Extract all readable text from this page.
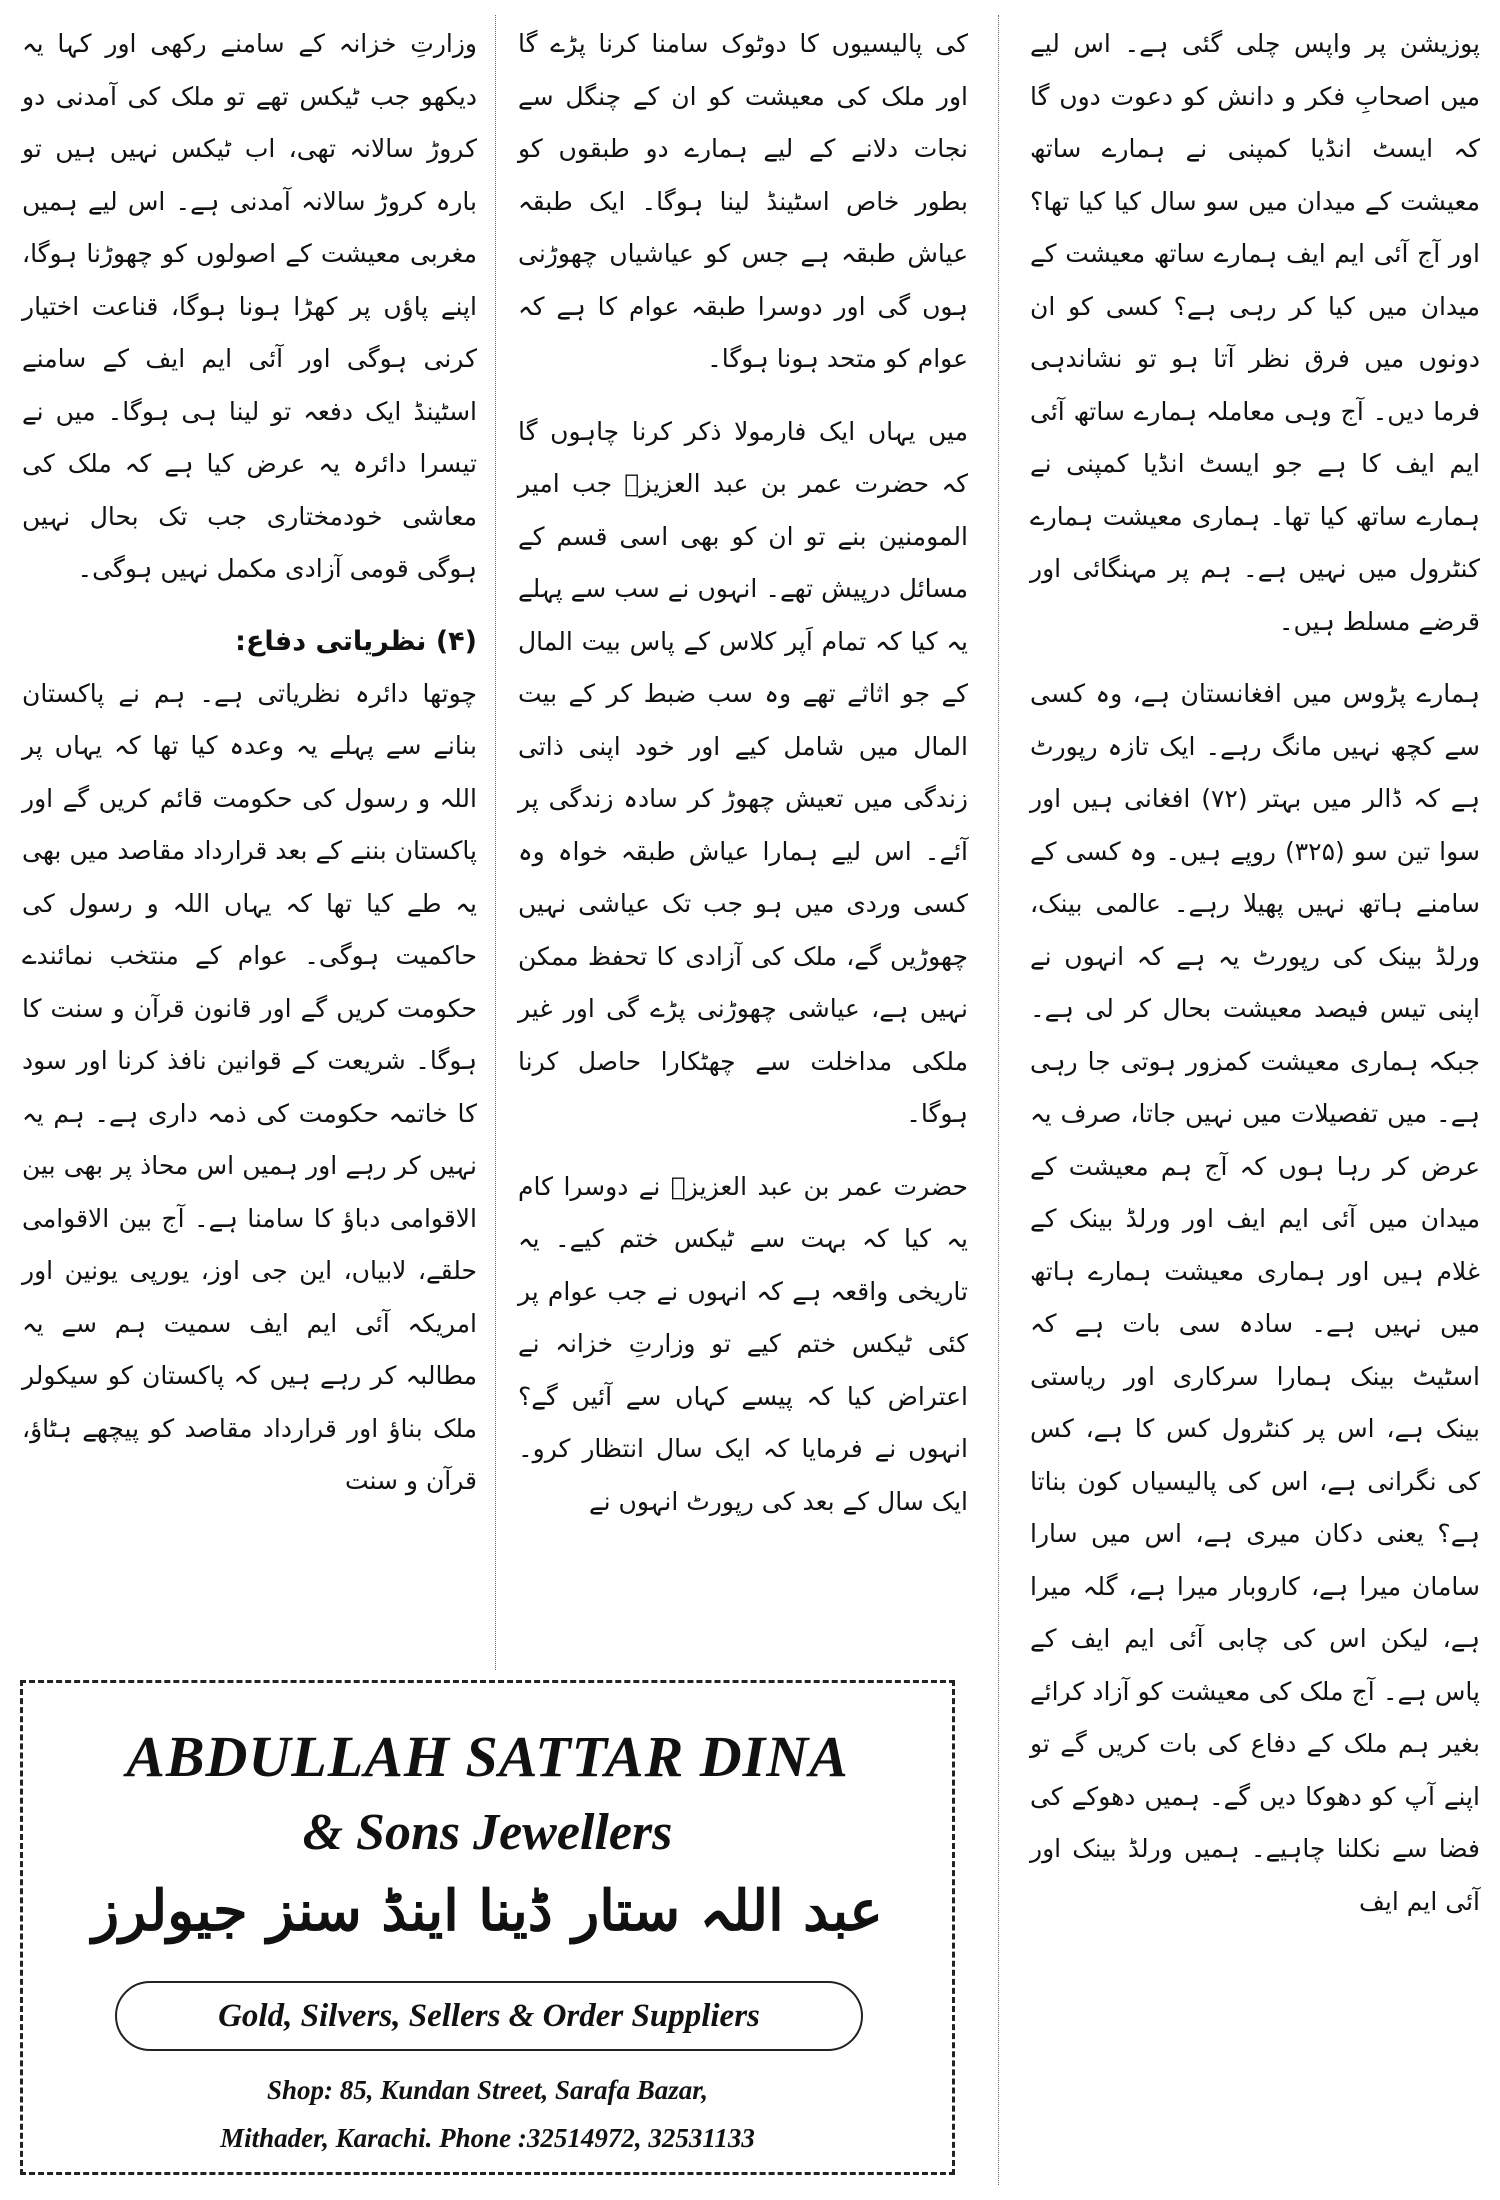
پوزیشن پر واپس چلی گئی ہے۔ اس لیے میں اصحابِ فکر و دانش کو دعوت دوں گا کہ ایسٹ انڈیا کمپنی نے ہمارے ساتھ معیشت کے میدان میں سو سال کیا کیا تھا؟ اور آج آئی ایم ایف ہمارے ساتھ معیشت کے میدان میں کیا کر رہی ہے؟ کسی کو ان دونوں میں فرق نظر آتا ہو تو نشاندہی فرما دیں۔ آج وہی معاملہ ہمارے ساتھ آئی ایم ایف کا ہے جو ایسٹ انڈیا کمپنی نے ہمارے ساتھ کیا تھا۔ ہماری معیشت ہمارے کنٹرول میں نہیں ہے۔ ہم پر مہنگائی اور قرضے مسلط ہیں۔

ہمارے پڑوس میں افغانستان ہے، وہ کسی سے کچھ نہیں مانگ رہے۔ ایک تازہ رپورٹ ہے کہ ڈالر میں بہتر (۷۲) افغانی ہیں اور سوا تین سو (۳۲۵) روپے ہیں۔ وہ کسی کے سامنے ہاتھ نہیں پھیلا رہے۔ عالمی بینک، ورلڈ بینک کی رپورٹ یہ ہے کہ انہوں نے اپنی تیس فیصد معیشت بحال کر لی ہے۔ جبکہ ہماری معیشت کمزور ہوتی جا رہی ہے۔ میں تفصیلات میں نہیں جاتا، صرف یہ عرض کر رہا ہوں کہ آج ہم معیشت کے میدان میں آئی ایم ایف اور ورلڈ بینک کے غلام ہیں اور ہماری معیشت ہمارے ہاتھ میں نہیں ہے۔ سادہ سی بات ہے کہ اسٹیٹ بینک ہمارا سرکاری اور ریاستی بینک ہے، اس پر کنٹرول کس کا ہے، کس کی نگرانی ہے، اس کی پالیسیاں کون بناتا ہے؟ یعنی دکان میری ہے، اس میں سارا سامان میرا ہے، کاروبار میرا ہے، گلہ میرا ہے، لیکن اس کی چابی آئی ایم ایف کے پاس ہے۔ آج ملک کی معیشت کو آزاد کرائے بغیر ہم ملک کے دفاع کی بات کریں گے تو اپنے آپ کو دھوکا دیں گے۔ ہمیں دھوکے کی فضا سے نکلنا چاہیے۔ ہمیں ورلڈ بینک اور آئی ایم ایف

کی پالیسیوں کا دوٹوک سامنا کرنا پڑے گا اور ملک کی معیشت کو ان کے چنگل سے نجات دلانے کے لیے ہمارے دو طبقوں کو بطور خاص اسٹینڈ لینا ہوگا۔ ایک طبقہ عیاش طبقہ ہے جس کو عیاشیاں چھوڑنی ہوں گی اور دوسرا طبقہ عوام کا ہے کہ عوام کو متحد ہونا ہوگا۔

میں یہاں ایک فارمولا ذکر کرنا چاہوں گا کہ حضرت عمر بن عبد العزیزؒ جب امیر المومنین بنے تو ان کو بھی اسی قسم کے مسائل درپیش تھے۔ انہوں نے سب سے پہلے یہ کیا کہ تمام اَپر کلاس کے پاس بیت المال کے جو اثاثے تھے وہ سب ضبط کر کے بیت المال میں شامل کیے اور خود اپنی ذاتی زندگی میں تعیش چھوڑ کر سادہ زندگی پر آئے۔ اس لیے ہمارا عیاش طبقہ خواہ وہ کسی وردی میں ہو جب تک عیاشی نہیں چھوڑیں گے، ملک کی آزادی کا تحفظ ممکن نہیں ہے، عیاشی چھوڑنی پڑے گی اور غیر ملکی مداخلت سے چھٹکارا حاصل کرنا ہوگا۔

حضرت عمر بن عبد العزیزؒ نے دوسرا کام یہ کیا کہ بہت سے ٹیکس ختم کیے۔ یہ تاریخی واقعہ ہے کہ انہوں نے جب عوام پر کئی ٹیکس ختم کیے تو وزارتِ خزانہ نے اعتراض کیا کہ پیسے کہاں سے آئیں گے؟ انہوں نے فرمایا کہ ایک سال انتظار کرو۔ ایک سال کے بعد کی رپورٹ انہوں نے

وزارتِ خزانہ کے سامنے رکھی اور کہا یہ دیکھو جب ٹیکس تھے تو ملک کی آمدنی دو کروڑ سالانہ تھی، اب ٹیکس نہیں ہیں تو بارہ کروڑ سالانہ آمدنی ہے۔ اس لیے ہمیں مغربی معیشت کے اصولوں کو چھوڑنا ہوگا، اپنے پاؤں پر کھڑا ہونا ہوگا، قناعت اختیار کرنی ہوگی اور آئی ایم ایف کے سامنے اسٹینڈ ایک دفعہ تو لینا ہی ہوگا۔ میں نے تیسرا دائرہ یہ عرض کیا ہے کہ ملک کی معاشی خودمختاری جب تک بحال نہیں ہوگی قومی آزادی مکمل نہیں ہوگی۔

(۴) نظریاتی دفاع:

چوتھا دائرہ نظریاتی ہے۔ ہم نے پاکستان بنانے سے پہلے یہ وعدہ کیا تھا کہ یہاں پر اللہ و رسول کی حکومت قائم کریں گے اور پاکستان بننے کے بعد قرارداد مقاصد میں بھی یہ طے کیا تھا کہ یہاں اللہ و رسول کی حاکمیت ہوگی۔ عوام کے منتخب نمائندے حکومت کریں گے اور قانون قرآن و سنت کا ہوگا۔ شریعت کے قوانین نافذ کرنا اور سود کا خاتمہ حکومت کی ذمہ داری ہے۔ ہم یہ نہیں کر رہے اور ہمیں اس محاذ پر بھی بین الاقوامی دباؤ کا سامنا ہے۔ آج بین الاقوامی حلقے، لابیاں، این جی اوز، یورپی یونین اور امریکہ آئی ایم ایف سمیت ہم سے یہ مطالبہ کر رہے ہیں کہ پاکستان کو سیکولر ملک بناؤ اور قرارداد مقاصد کو پیچھے ہٹاؤ، قرآن و سنت

ABDULLAH SATTAR DINA
& Sons Jewellers
عبد اللہ ستار ڈینا اینڈ سنز جیولرز
Gold, Silvers, Sellers & Order Suppliers
Shop: 85, Kundan Street, Sarafa Bazar,
Mithader, Karachi. Phone :32514972, 32531133
